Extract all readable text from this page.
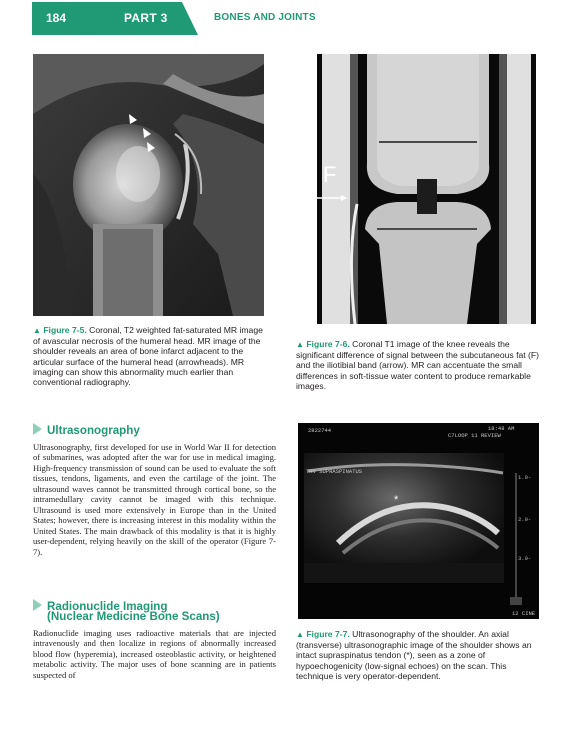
184	PART 3	BONES AND JOINTS
▲ Figure 7-5. Coronal, T2 weighted fat-saturated MR image of avascular necrosis of the humeral head. MR image of the shoulder reveals an area of bone infarct adjacent to the articular surface of the humeral head (arrowheads). MR imaging can show this abnormality much earlier than conventional radiography.
F
▲ Figure 7-6. Coronal T1 image of the knee reveals the significant difference of signal between the subcutaneous fat (F) and the iliotibial band (arrow). MR can accentuate the small differences in soft-tissue water content to produce remarkable images.
Ultrasonography
Ultrasonography, first developed for use in World War II for detection of submarines, was adopted after the war for use in medical imaging. High-frequency transmission of sound can be used to evaluate the soft tissues, tendons, ligaments, and even the cartilage of the joint. The ultrasound waves cannot be transmitted through cortical bone, so the intramedullary cavity cannot be imaged with this technique. Ultrasound is used more extensively in Europe than in the United States; however, there is increasing interest in this modality within the United States. The main drawback of this modality is that it is highly user-dependent, relying heavily on the skill of the operator (Figure 7-7).
Radionuclide Imaging
(Nuclear Medicine Bone Scans)
Radionuclide imaging uses radioactive materials that are injected intravenously and then localize in regions of abnormally increased blood flow (hyperemia), increased osteoblastic activity, or heightened metabolic activity. The major uses of bone scanning are in patients suspected of
2822744	18:48 AM
C7LOOP 11 REVIEW
TRV SUPRASPINATUS
1.0-
2.0-
3.0-
*
12 CINE
▲ Figure 7-7. Ultrasonography of the shoulder. An axial (transverse) ultrasonographic image of the shoulder shows an intact supraspinatus tendon (*), seen as a zone of hypoechogenicity (low-signal echoes) on the scan. This technique is very operator-dependent.
